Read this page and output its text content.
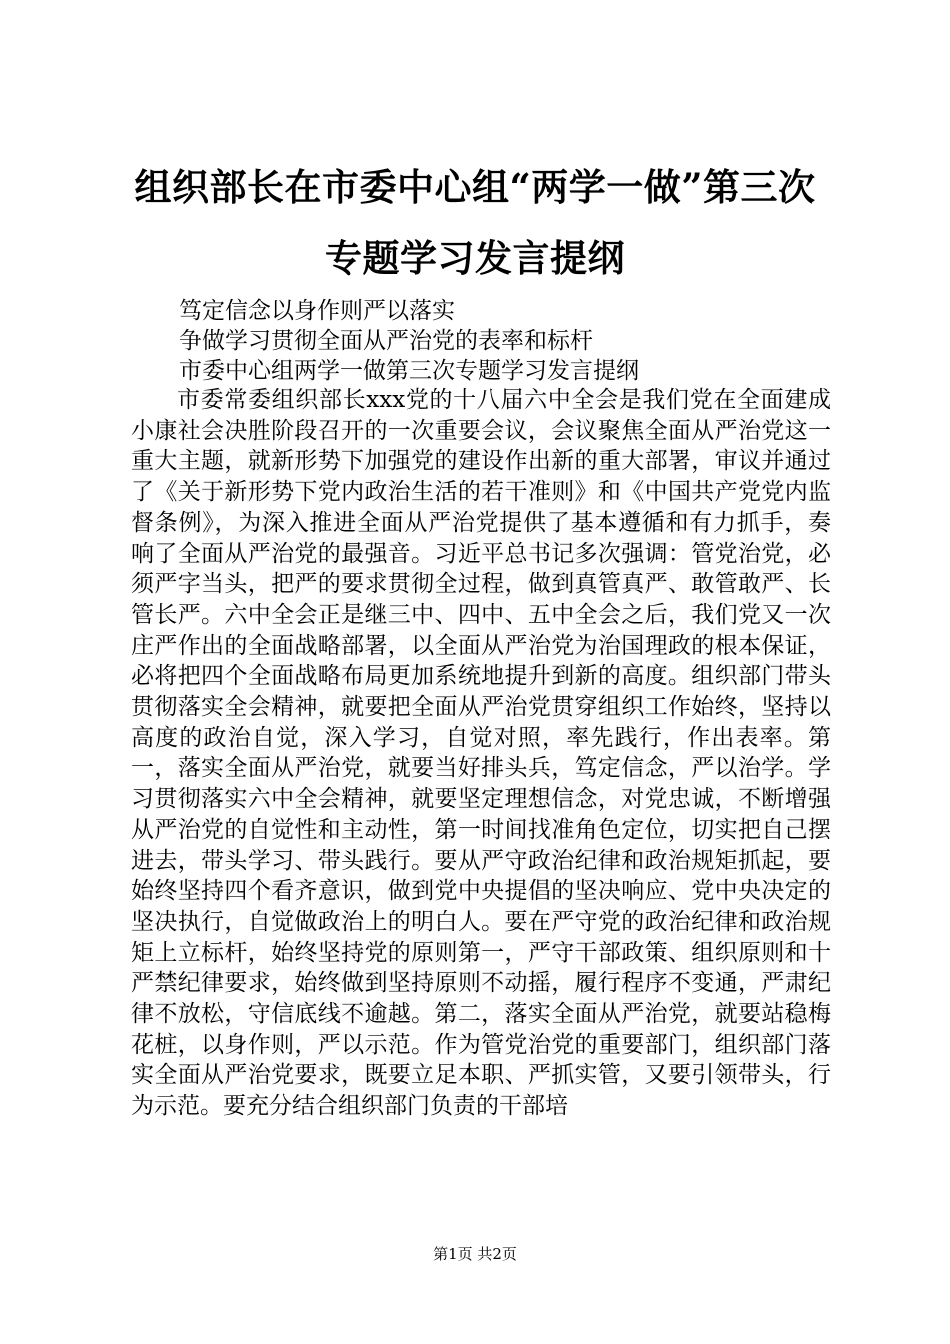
组织部长在市委中心组“两学一做”第三次专题学习发言提纲
笃定信念以身作则严以落实
争做学习贯彻全面从严治党的表率和标杆
市委中心组两学一做第三次专题学习发言提纲

市委常委组织部长xxx党的十八届六中全会是我们党在全面建成小康社会决胜阶段召开的一次重要会议，会议聚焦全面从严治党这一重大主题，就新形势下加强党的建设作出新的重大部署，审议并通过了《关于新形势下党内政治生活的若干准则》和《中国共产党党内监督条例》，为深入推进全面从严治党提供了基本遵循和有力抓手，奏响了全面从严治党的最强音。习近平总书记多次强调：管党治党，必须严字当头，把严的要求贯彻全过程，做到真管真严、敢管敢严、长管长严。六中全会正是继三中、四中、五中全会之后，我们党又一次庄严作出的全面战略部署，以全面从严治党为治国理政的根本保证，必将把四个全面战略布局更加系统地提升到新的高度。组织部门带头贯彻落实全会精神，就要把全面从严治党贯穿组织工作始终，坚持以高度的政治自觉，深入学习，自觉对照，率先践行，作出表率。第一，落实全面从严治党，就要当好排头兵，笃定信念，严以治学。学习贯彻落实六中全会精神，就要坚定理想信念，对党忠诚，不断增强从严治党的自觉性和主动性，第一时间找准角色定位，切实把自己摆进去，带头学习、带头践行。要从严守政治纪律和政治规矩抓起，要始终坚持四个看齐意识，做到党中央提倡的坚决响应、党中央决定的坚决执行，自觉做政治上的明白人。要在严守党的政治纪律和政治规矩上立标杆，始终坚持党的原则第一，严守干部政策、组织原则和十严禁纪律要求，始终做到坚持原则不动摇，履行程序不变通，严肃纪律不放松，守信底线不逾越。第二，落实全面从严治党，就要站稳梅花桩，以身作则，严以示范。作为管党治党的重要部门，组织部门落实全面从严治党要求，既要立足本职、严抓实管，又要引领带头，行为示范。要充分结合组织部门负责的干部培

第1页 共2页
